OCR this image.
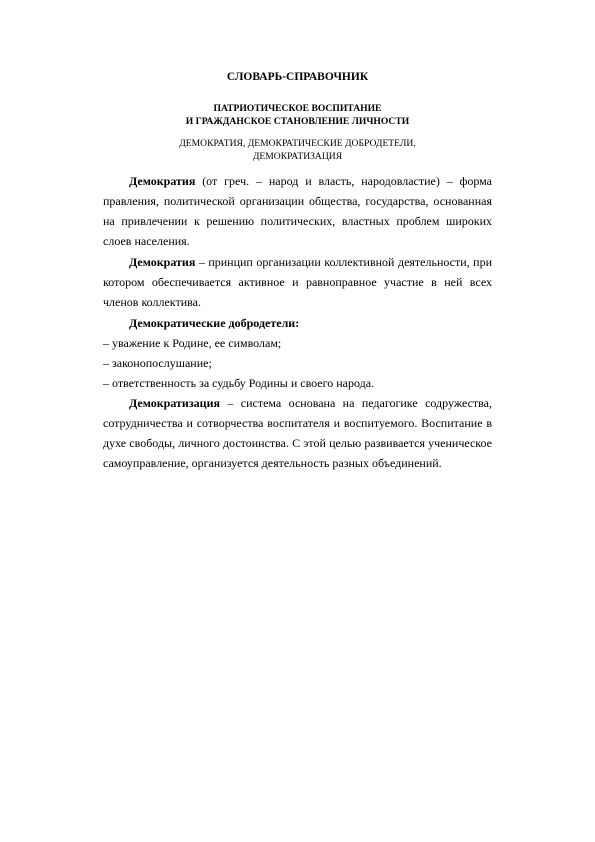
СЛОВАРЬ-СПРАВОЧНИК
ПАТРИОТИЧЕСКОЕ ВОСПИТАНИЕ
И ГРАЖДАНСКОЕ СТАНОВЛЕНИЕ ЛИЧНОСТИ
ДЕМОКРАТИЯ, ДЕМОКРАТИЧЕСКИЕ ДОБРОДЕТЕЛИ,
ДЕМОКРАТИЗАЦИЯ

Демократия (от греч. – народ и власть, народовластие) – форма правления, политической организации общества, государства, основанная на привлечении к решению политических, властных проблем широких слоев населения.

Демократия – принцип организации коллективной деятельности, при котором обеспечивается активное и равноправное участие в ней всех членов коллектива.

Демократические добродетели:
– уважение к Родине, ее символам;
– законопослушание;
– ответственность за судьбу Родины и своего народа.

Демократизация – система основана на педагогике содружества, сотрудничества и сотворчества воспитателя и воспитуемого. Воспитание в духе свободы, личного достоинства. С этой целью развивается ученическое самоуправление, организуется деятельность разных объединений.
